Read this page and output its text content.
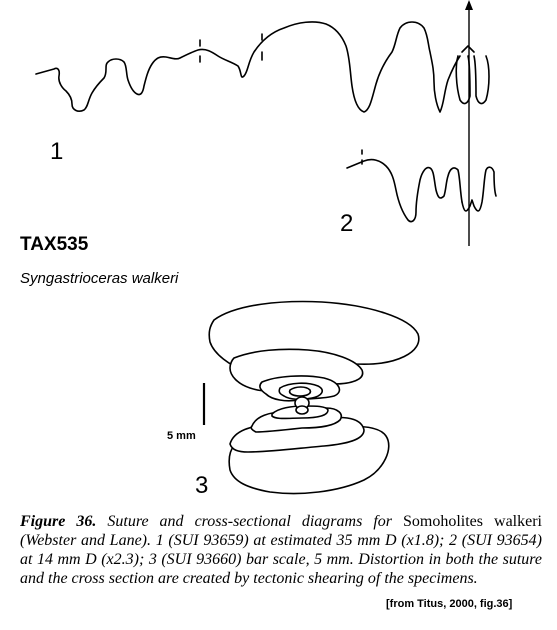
1
2
3
TAX535
Syngastrioceras walkeri
5 mm
Figure 36. Suture and cross-sectional diagrams for Somoholites walkeri (Webster and Lane). 1 (SUI 93659) at estimated 35 mm D (x1.8); 2 (SUI 93654) at 14 mm D (x2.3); 3 (SUI 93660) bar scale, 5 mm. Distortion in both the suture and the cross section are created by tectonic shearing of the specimens.
[from Titus, 2000, fig.36]
